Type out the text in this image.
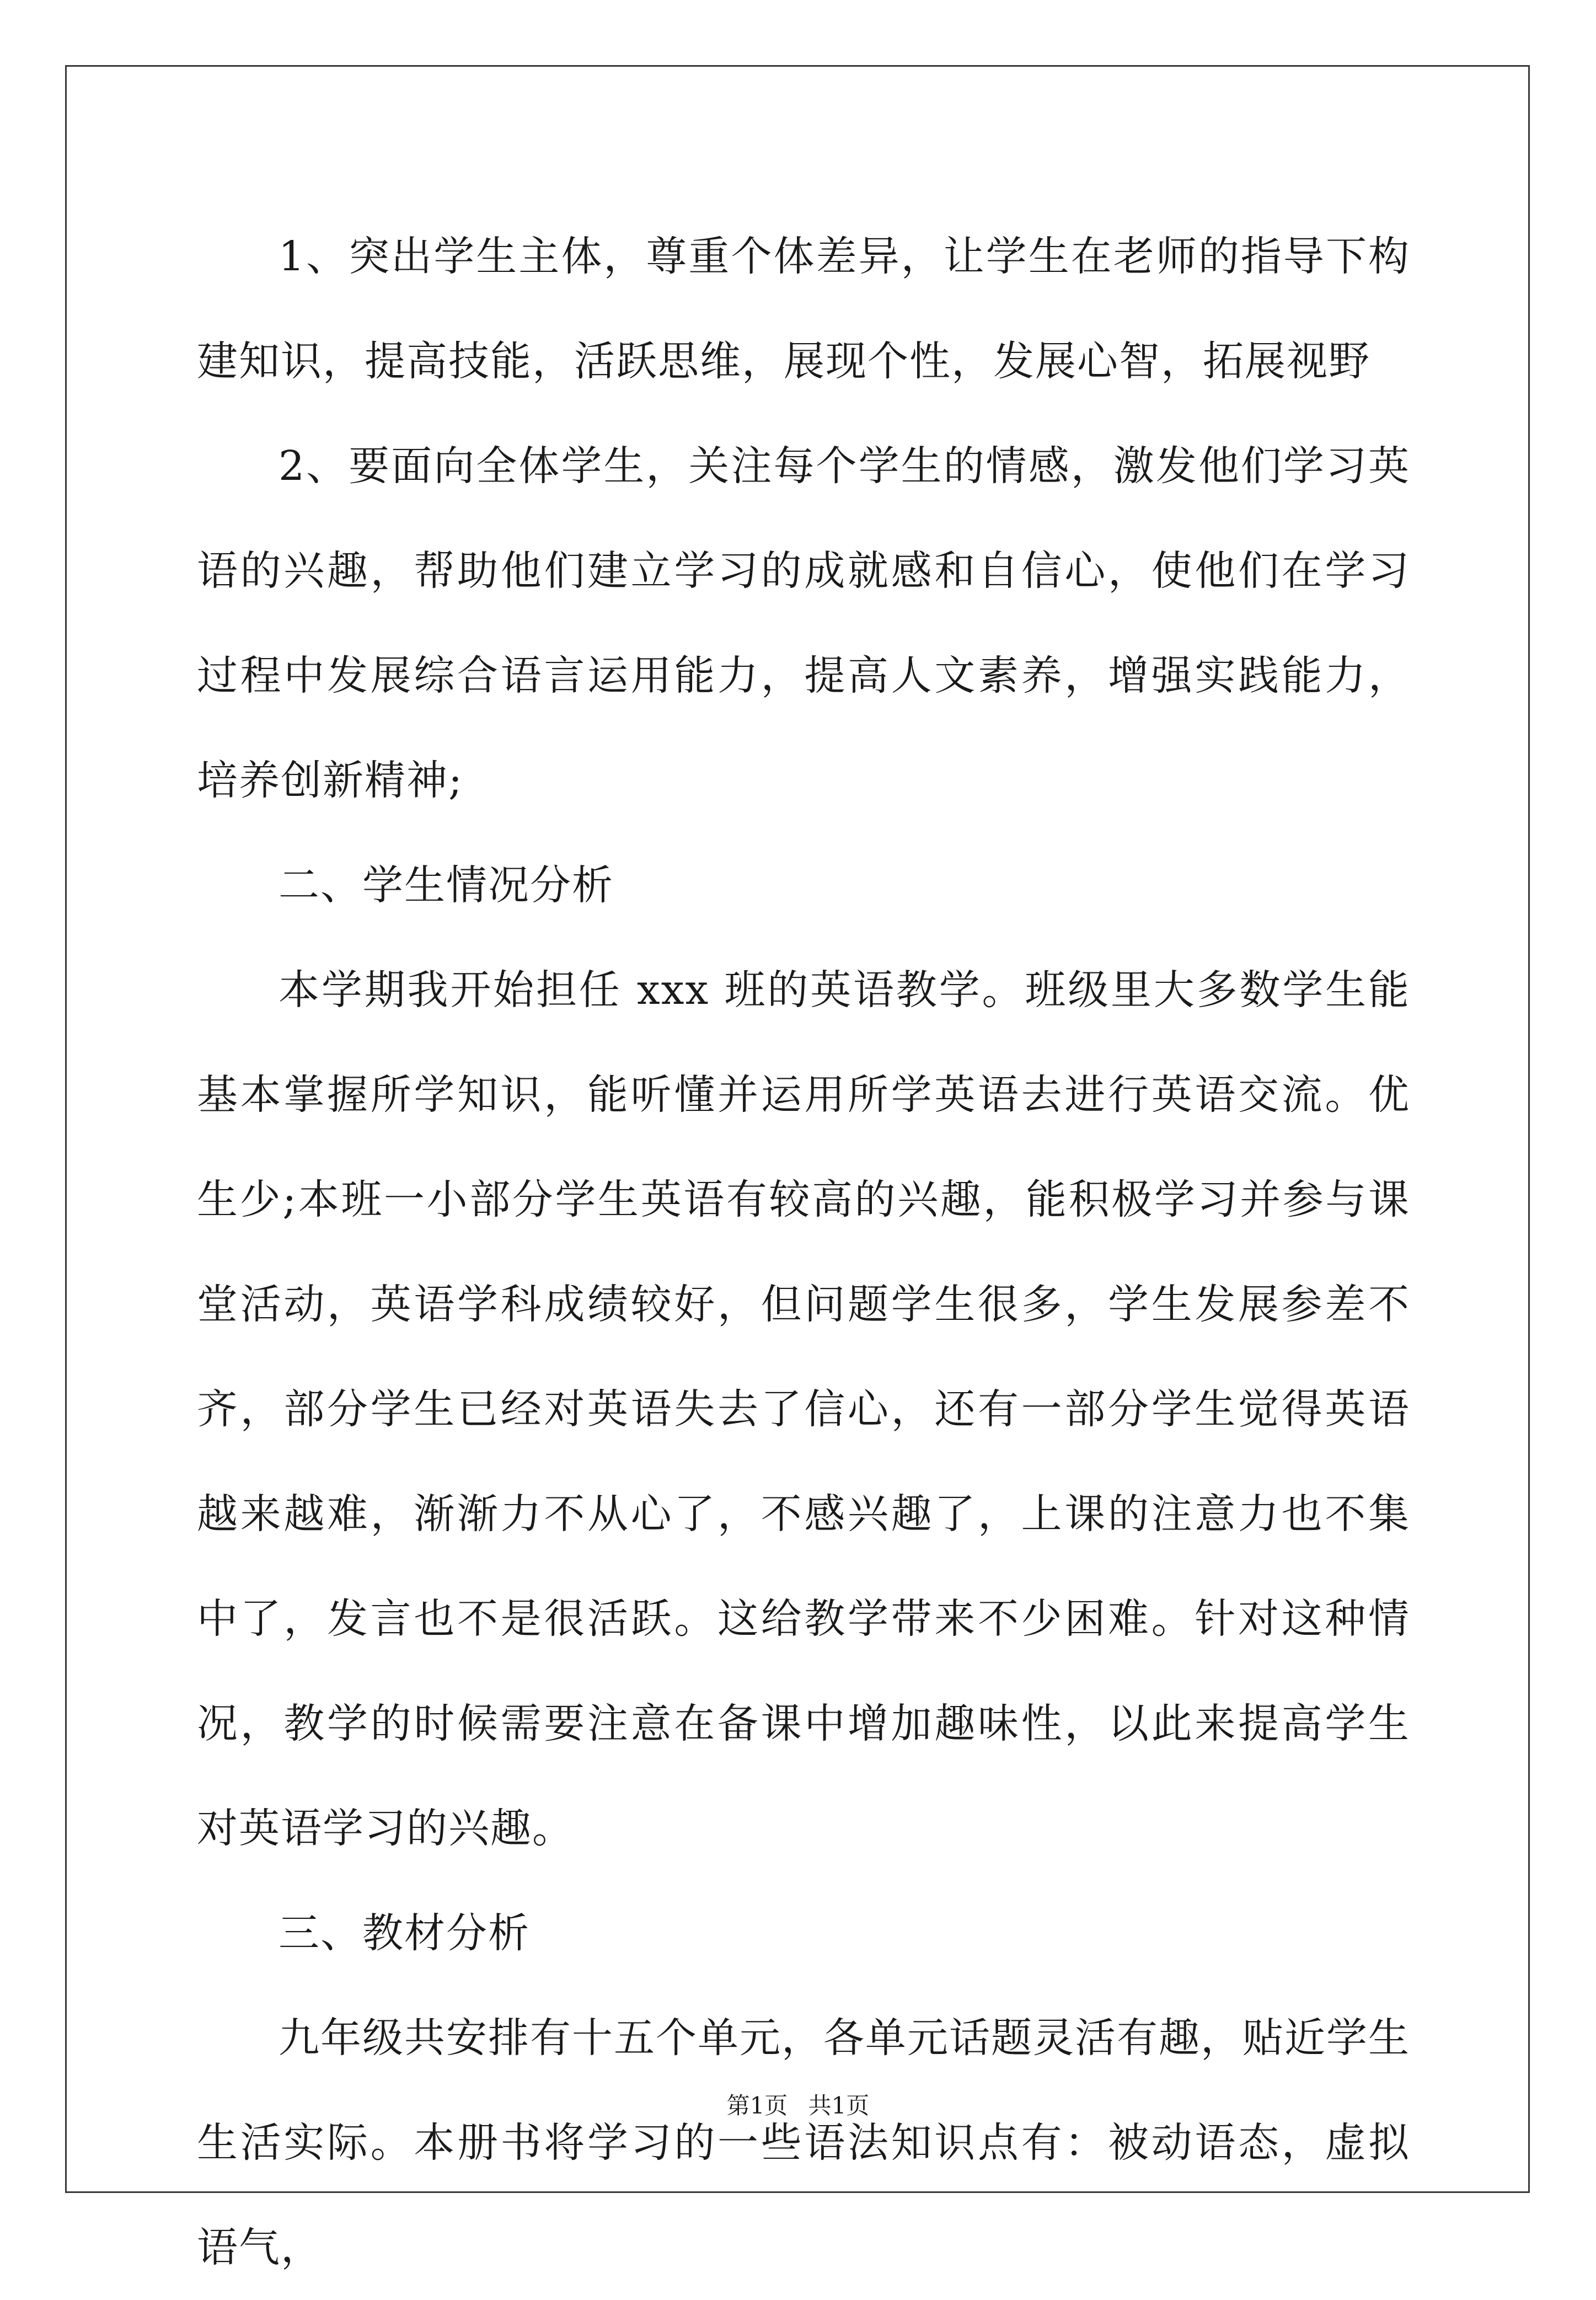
1、突出学生主体，尊重个体差异，让学生在老师的指导下构建知识，提高技能，活跃思维，展现个性，发展心智，拓展视野

2、要面向全体学生，关注每个学生的情感，激发他们学习英语的兴趣，帮助他们建立学习的成就感和自信心，使他们在学习过程中发展综合语言运用能力，提高人文素养，增强实践能力，培养创新精神;

二、学生情况分析

本学期我开始担任 xxx 班的英语教学。班级里大多数学生能基本掌握所学知识，能听懂并运用所学英语去进行英语交流。优生少;本班一小部分学生英语有较高的兴趣，能积极学习并参与课堂活动，英语学科成绩较好，但问题学生很多，学生发展参差不齐，部分学生已经对英语失去了信心，还有一部分学生觉得英语越来越难，渐渐力不从心了，不感兴趣了，上课的注意力也不集中了，发言也不是很活跃。这给教学带来不少困难。针对这种情况，教学的时候需要注意在备课中增加趣味性，以此来提高学生对英语学习的兴趣。

三、教材分析

九年级共安排有十五个单元，各单元话题灵活有趣，贴近学生生活实际。本册书将学习的一些语法知识点有：被动语态，虚拟语气，

第1页 共1页
